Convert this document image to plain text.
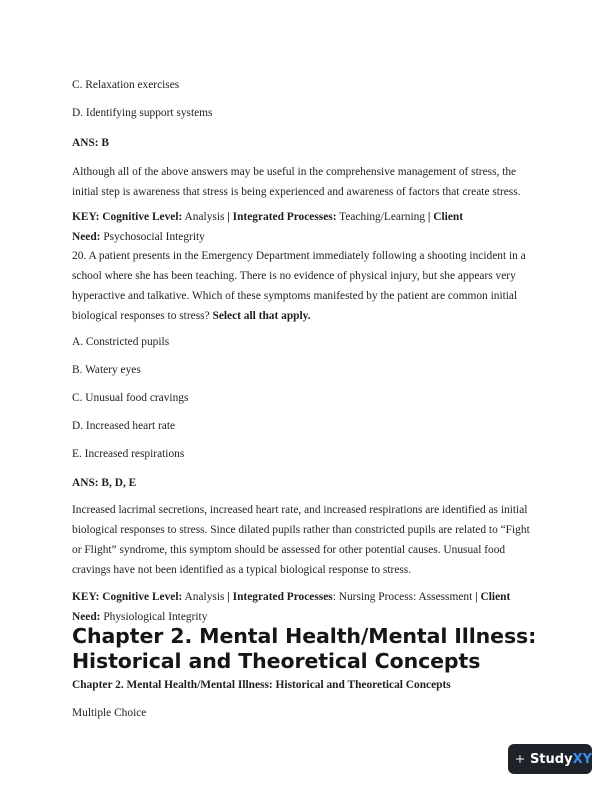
C. Relaxation exercises

D. Identifying support systems

ANS: B

Although all of the above answers may be useful in the comprehensive management of stress, the initial step is awareness that stress is being experienced and awareness of factors that create stress.

KEY: Cognitive Level: Analysis | Integrated Processes: Teaching/Learning | Client
Need: Psychosocial Integrity

20. A patient presents in the Emergency Department immediately following a shooting incident in a school where she has been teaching. There is no evidence of physical injury, but she appears very hyperactive and talkative. Which of these symptoms manifested by the patient are common initial biological responses to stress? Select all that apply.

A. Constricted pupils

B. Watery eyes

C. Unusual food cravings

D. Increased heart rate

E. Increased respirations

ANS: B, D, E

Increased lacrimal secretions, increased heart rate, and increased respirations are identified as initial biological responses to stress. Since dilated pupils rather than constricted pupils are related to “Fight or Flight” syndrome, this symptom should be assessed for other potential causes. Unusual food cravings have not been identified as a typical biological response to stress.

KEY: Cognitive Level: Analysis | Integrated Processes: Nursing Process: Assessment | Client
Need: Physiological Integrity

Chapter 2. Mental Health/Mental Illness: Historical and Theoretical Concepts

Chapter 2. Mental Health/Mental Illness: Historical and Theoretical Concepts

Multiple Choice

StudyXY
